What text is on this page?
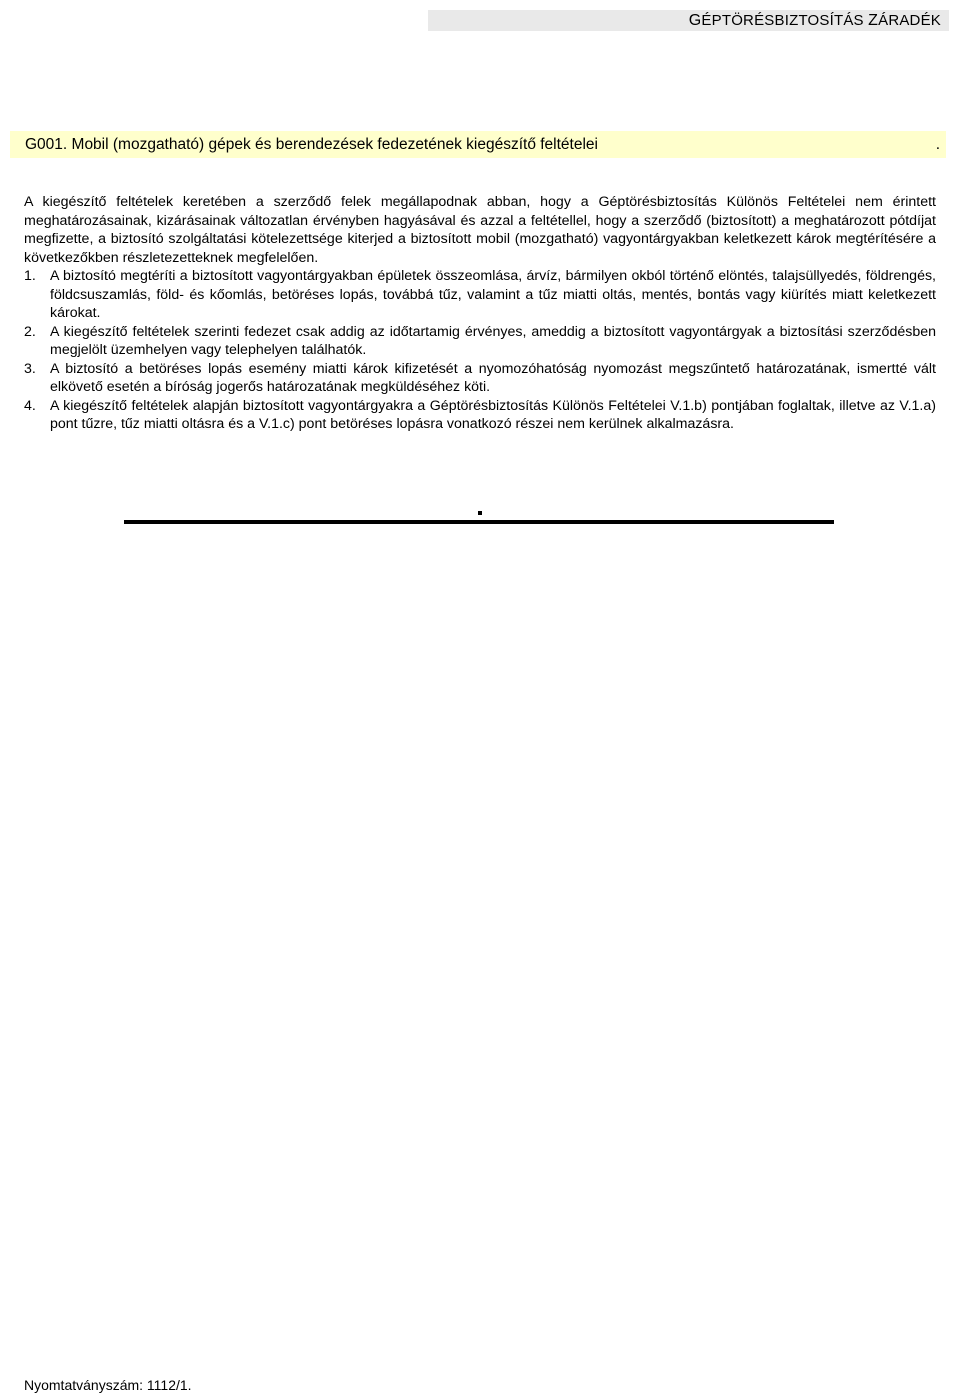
GÉPTÖRÉSBIZTOSÍTÁS ZÁRADÉK
G001. Mobil (mozgatható) gépek és berendezések fedezetének kiegészítő feltételei	.

A kiegészítő feltételek keretében a szerződő felek megállapodnak abban, hogy a Géptörésbiztosítás Különös Feltételei nem érintett meghatározásainak, kizárásainak változatlan érvényben hagyásával és azzal a feltétellel, hogy a szerződő (biztosított) a meghatározott pótdíjat megfizette, a biztosító szolgáltatási kötelezettsége kiterjed a biztosított mobil (mozgatható) vagyontárgyakban keletkezett károk megtérítésére a következőkben részletezetteknek megfelelően.

1. A biztosító megtéríti a biztosított vagyontárgyakban épületek összeomlása, árvíz, bármilyen okból történő elöntés, talajsüllyedés, földrengés, földcsuszamlás, föld- és kőomlás, betöréses lopás, továbbá tűz, valamint a tűz miatti oltás, mentés, bontás vagy kiürítés miatt keletkezett károkat.
2. A kiegészítő feltételek szerinti fedezet csak addig az időtartamig érvényes, ameddig a biztosított vagyontárgyak a biztosítási szerződésben megjelölt üzemhelyen vagy telephelyen találhatók.
3. A biztosító a betöréses lopás esemény miatti károk kifizetését a nyomozóhatóság nyomozást megszűntető határozatának, ismertté vált elkövető esetén a bíróság jogerős határozatának megküldéséhez köti.
4. A kiegészítő feltételek alapján biztosított vagyontárgyakra a Géptörésbiztosítás Különös Feltételei V.1.b) pontjában foglaltak, illetve az V.1.a) pont tűzre, tűz miatti oltásra és a V.1.c) pont betöréses lopásra vonatkozó részei nem kerülnek alkalmazásra.
Nyomtatványszám: 1112/1.
